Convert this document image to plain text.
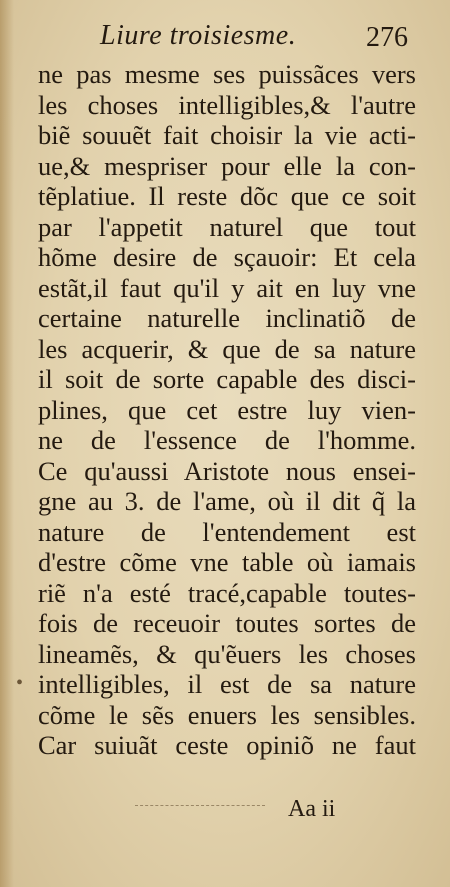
Liure troisiesme. 276
ne pas mesme ses puissãces vers
les choses intelligibles,& l'autre
biẽ souuẽt fait choisir la vie acti-
ue,& mespriser pour elle la con-
tẽplatiue. Il reste dõc que ce soit
par l'appetit naturel que tout
hõme desire de sçauoir: Et cela
estãt,il faut qu'il y ait en luy vne
certaine naturelle inclinatiõ de
les acquerir, & que de sa nature
il soit de sorte capable des disci-
plines, que cet estre luy vien-
ne de l'essence de l'homme.
Ce qu'aussi Aristote nous ensei-
gne au 3. de l'ame, où il dit q̃ la
nature de l'entendement est
d'estre cõme vne table où iamais
riẽ n'a esté tracé,capable toutes-
fois de receuoir toutes sortes de
lineamẽs, & qu'ẽuers les choses
intelligibles, il est de sa nature
cõme le sẽs enuers les sensibles.
Car suiuãt ceste opiniõ ne faut
•
Aa ii
